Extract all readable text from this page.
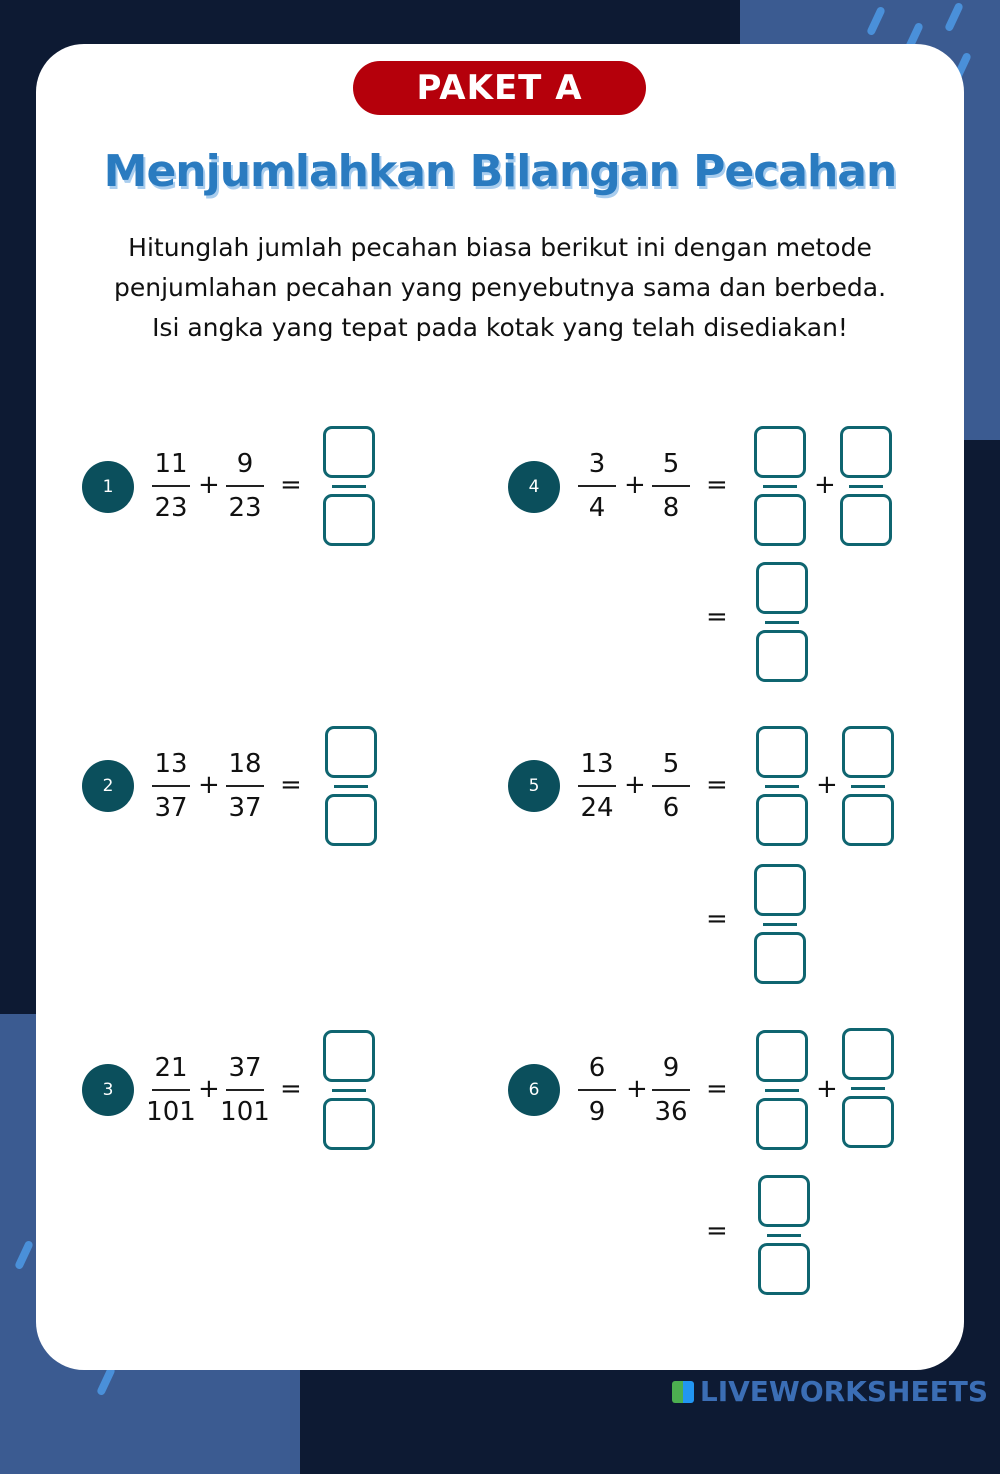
PAKET A
Menjumlahkan Bilangan Pecahan
Hitunglah jumlah pecahan biasa berikut ini dengan metode penjumlahan pecahan yang penyebutnya sama dan berbeda. Isi angka yang tepat pada kotak yang telah disediakan!
1
11
23
+
9
23
=
2
13
37
+
18
37
=
3
21
101
+
37
101
=
4
3
4
+
5
8
=	+
=
5
13
24
+
5
6
=	+
=
6
6
9
+
9
36
=	+
=
LIVEWORKSHEETS
